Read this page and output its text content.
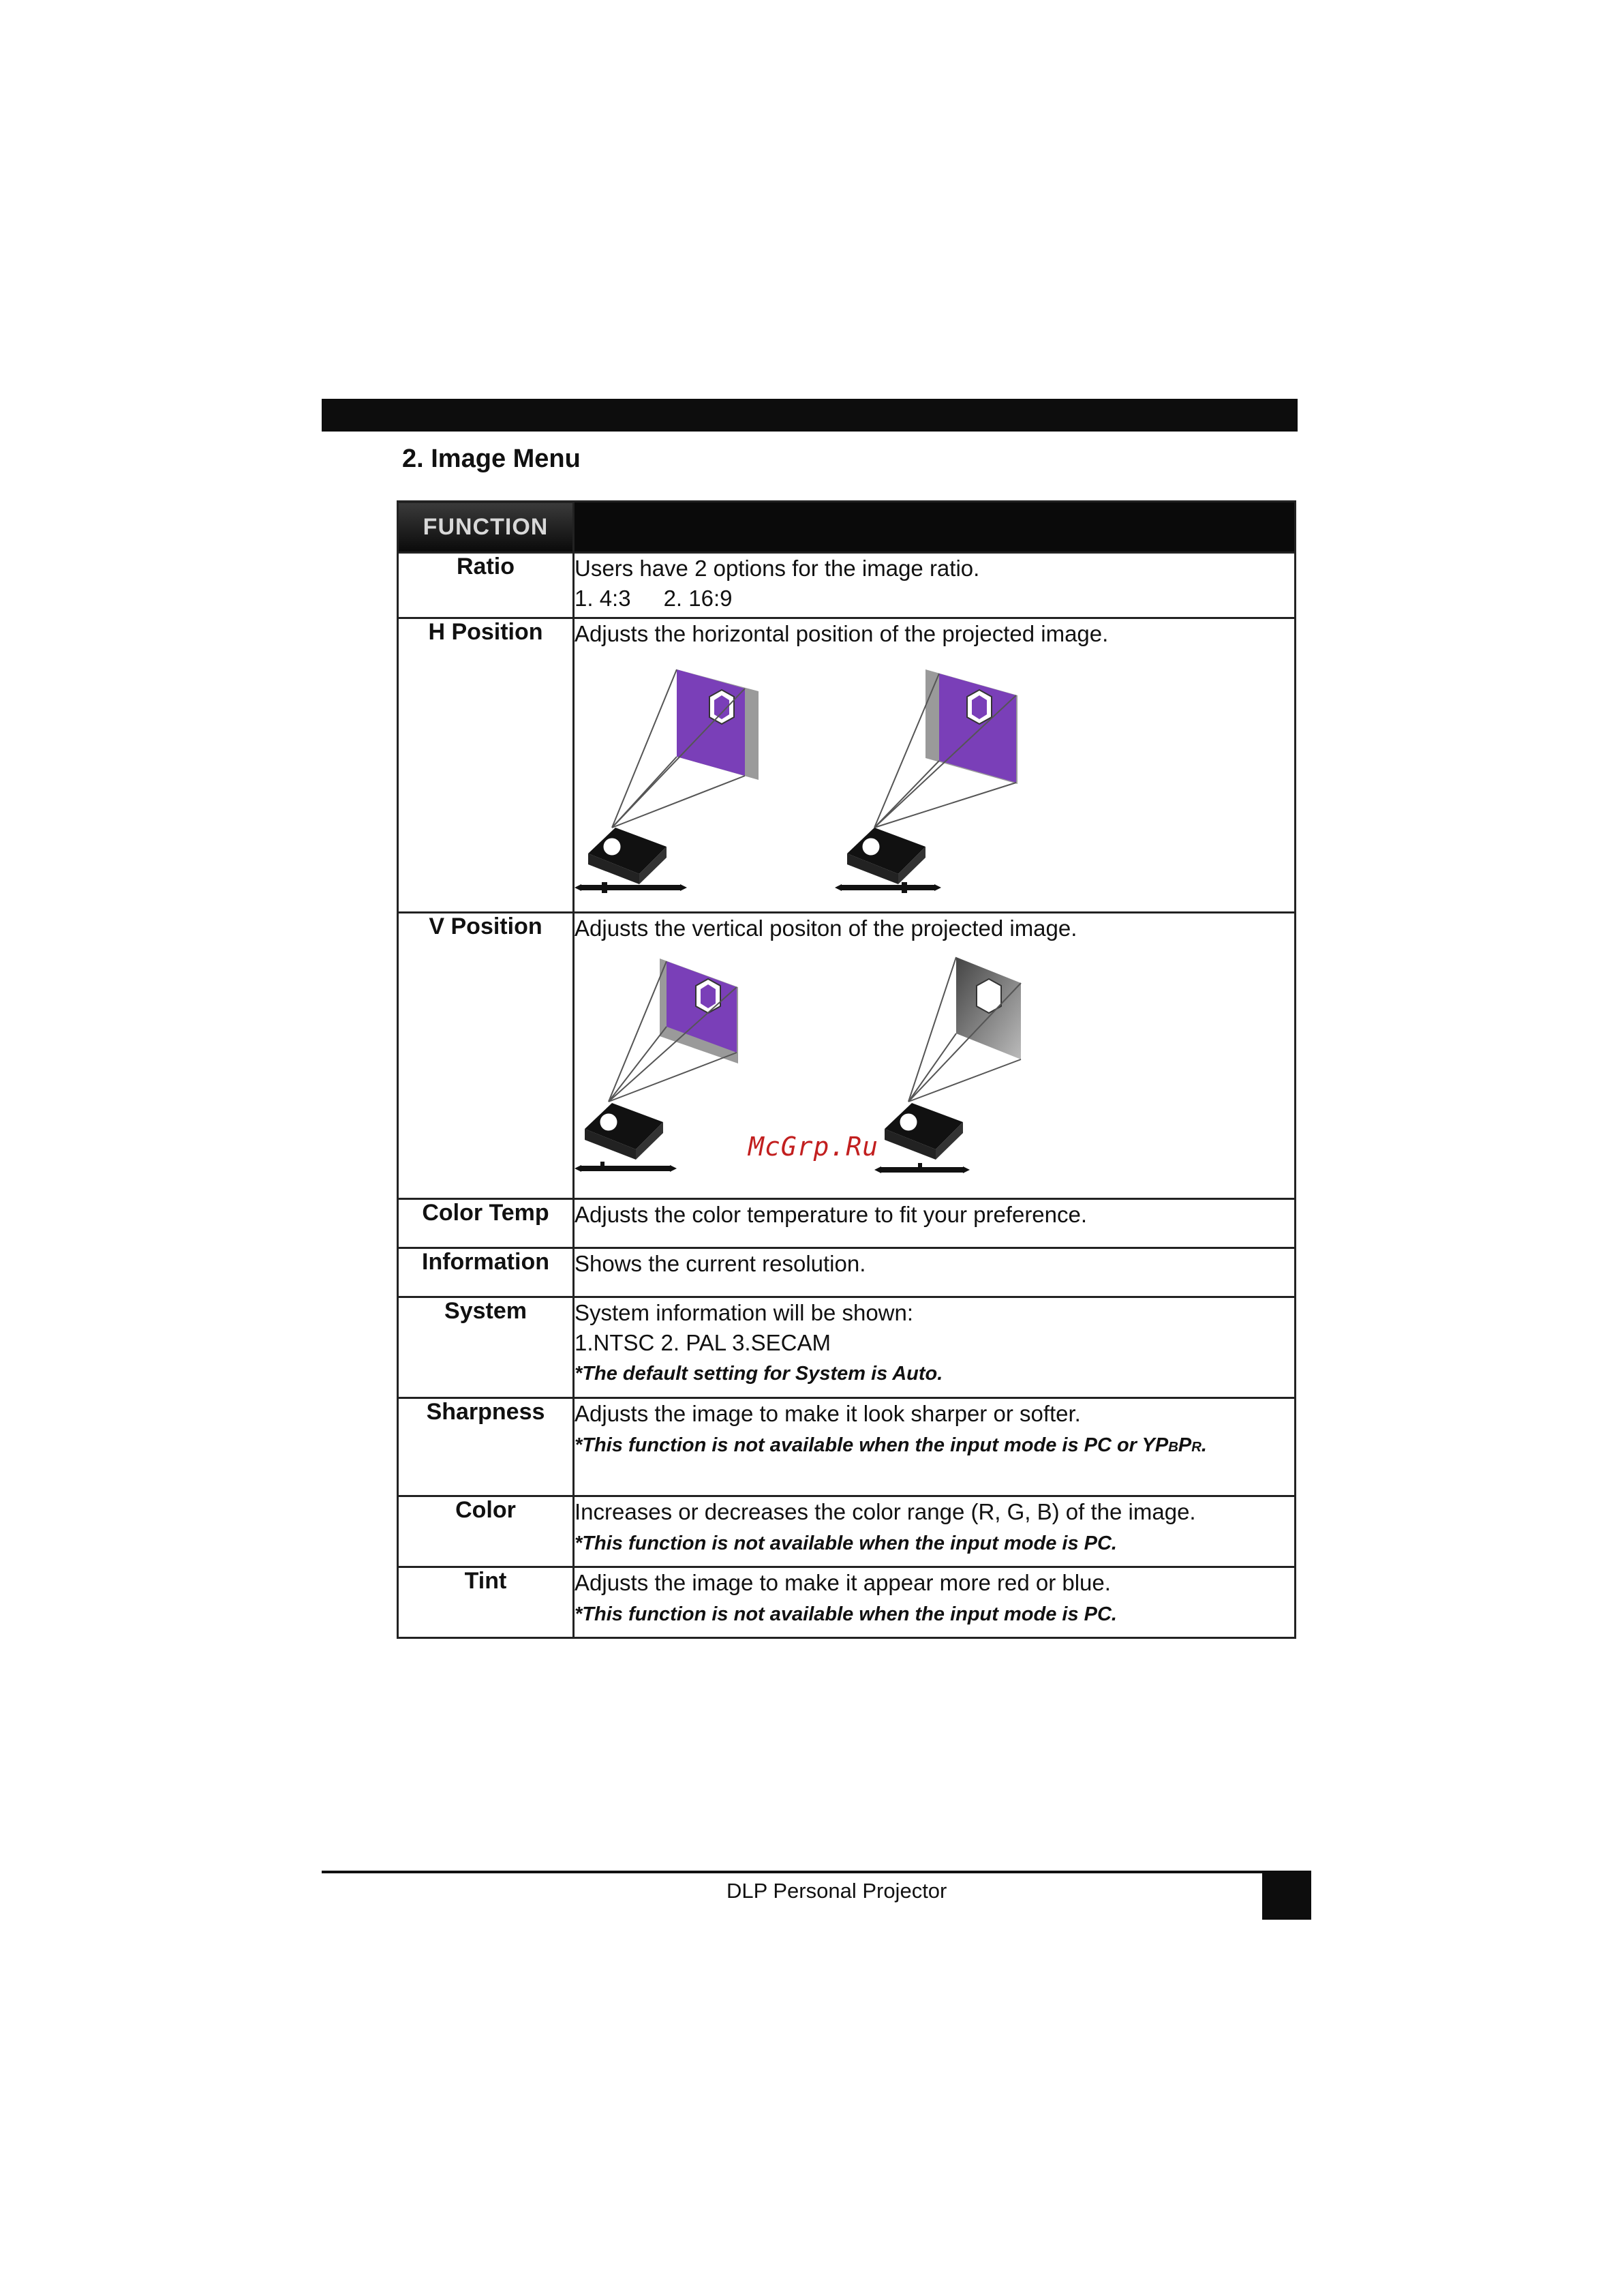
2. Image Menu
FUNCTION	
Ratio	Users have 2 options for the image ratio.
1. 4:3 2. 16:9

H Position	Adjusts the horizontal position of the projected image.

V Position	Adjusts the vertical positon of the projected image.

Color Temp	Adjusts the color temperature to fit your preference.
Information	Shows the current resolution.
System	System information will be shown:
1.NTSC 2. PAL 3.SECAM
*The default setting for System is Auto.

Sharpness	Adjusts the image to make it look sharper or softer.
*This function is not available when the input mode is PC or YPBPR.

Color	Increases or decreases the color range (R, G, B) of the image.
*This function is not available when the input mode is PC.

Tint	Adjusts the image to make it appear more red or blue.
*This function is not available when the input mode is PC.
McGrp.Ru
DLP Personal Projector
